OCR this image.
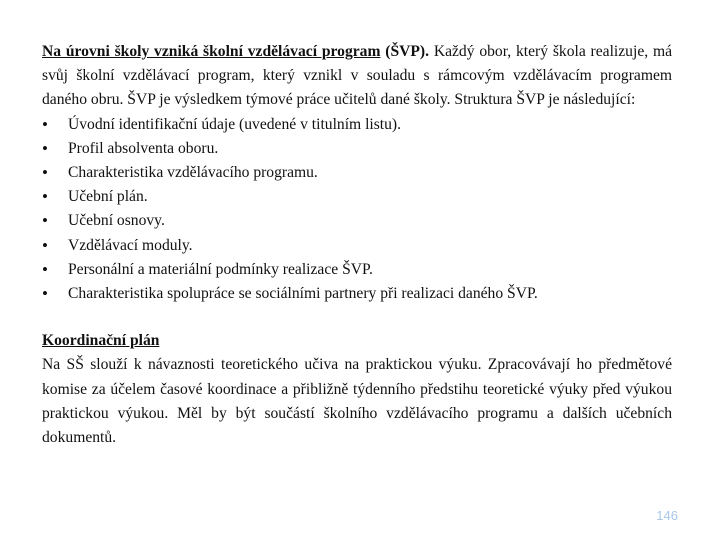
Na úrovni školy vzniká školní vzdělávací program (ŠVP). Každý obor, který škola realizuje, má svůj školní vzdělávací program, který vznikl v souladu s rámcovým vzdělávacím programem daného obru. ŠVP je výsledkem týmové práce učitelů dané školy. Struktura ŠVP je následující:

• Úvodní identifikační údaje (uvedené v titulním listu).
• Profil absolventa oboru.
• Charakteristika vzdělávacího programu.
• Učební plán.
• Učební osnovy.
• Vzdělávací moduly.
• Personální a materiální podmínky realizace ŠVP.
• Charakteristika spolupráce se sociálními partnery při realizaci daného ŠVP.
Koordinační plán

Na SŠ slouží k návaznosti teoretického učiva na praktickou výuku. Zpracovávají ho předmětové komise za účelem časové koordinace a přibližně týdenního předstihu teoretické výuky před výukou praktickou výukou. Měl by být součástí školního vzdělávacího programu a dalších učebních dokumentů.

146
